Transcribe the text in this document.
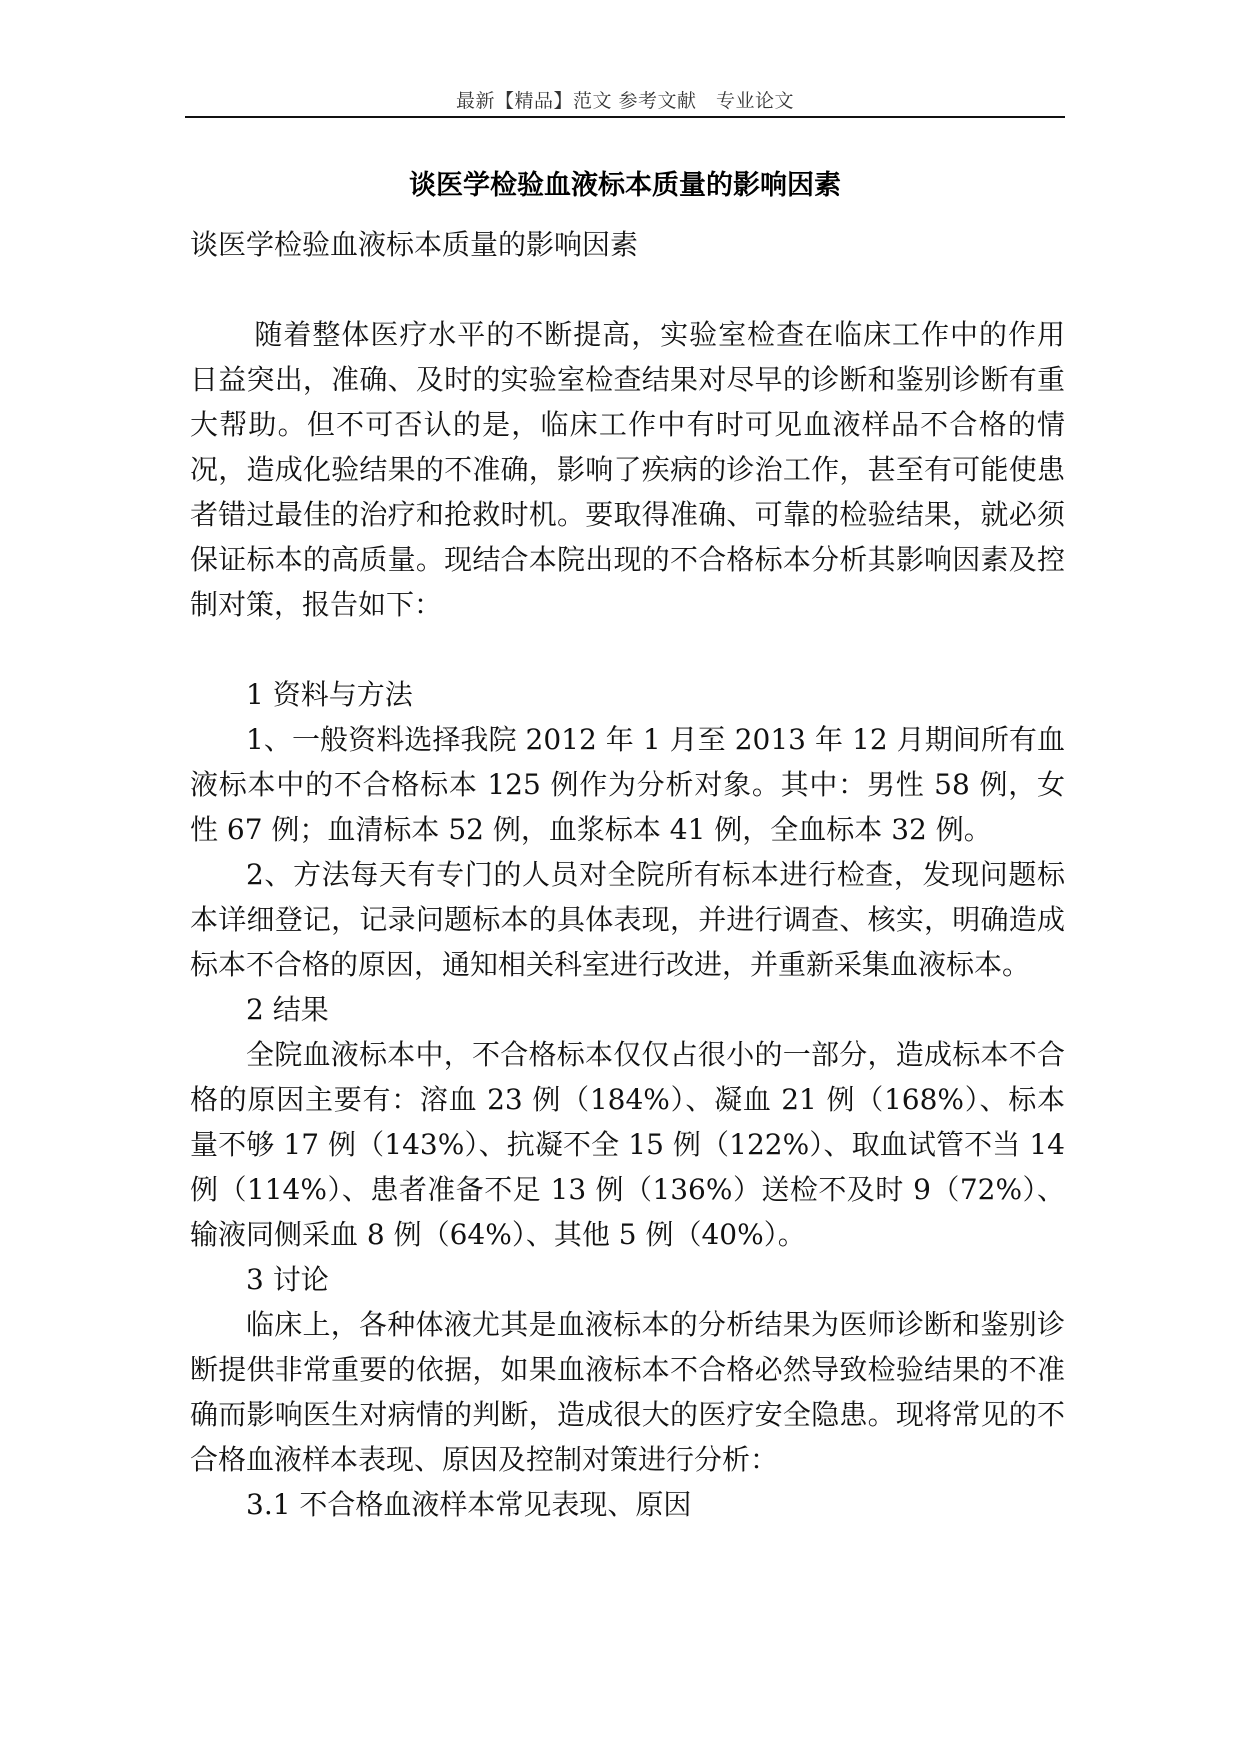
最新【精品】范文 参考文献　专业论文
谈医学检验血液标本质量的影响因素

谈医学检验血液标本质量的影响因素

随着整体医疗水平的不断提高，实验室检查在临床工作中的作用日益突出，准确、及时的实验室检查结果对尽早的诊断和鉴别诊断有重大帮助。但不可否认的是，临床工作中有时可见血液样品不合格的情况，造成化验结果的不准确，影响了疾病的诊治工作，甚至有可能使患者错过最佳的治疗和抢救时机。要取得准确、可靠的检验结果，就必须保证标本的高质量。现结合本院出现的不合格标本分析其影响因素及控制对策，报告如下：

1 资料与方法

1、一般资料选择我院 2012 年 1 月至 2013 年 12 月期间所有血液标本中的不合格标本 125 例作为分析对象。其中：男性 58 例，女性 67 例；血清标本 52 例，血浆标本 41 例，全血标本 32 例。

2、方法每天有专门的人员对全院所有标本进行检查，发现问题标本详细登记，记录问题标本的具体表现，并进行调查、核实，明确造成标本不合格的原因，通知相关科室进行改进，并重新采集血液标本。

2 结果

全院血液标本中，不合格标本仅仅占很小的一部分，造成标本不合格的原因主要有：溶血 23 例（184%）、凝血 21 例（168%）、标本量不够 17 例（143%）、抗凝不全 15 例（122%）、取血试管不当 14 例（114%）、患者准备不足 13 例（136%）送检不及时 9（72%）、输液同侧采血 8 例（64%）、其他 5 例（40%）。

3 讨论

临床上，各种体液尤其是血液标本的分析结果为医师诊断和鉴别诊断提供非常重要的依据，如果血液标本不合格必然导致检验结果的不准确而影响医生对病情的判断，造成很大的医疗安全隐患。现将常见的不合格血液样本表现、原因及控制对策进行分析：

3.1 不合格血液样本常见表现、原因
